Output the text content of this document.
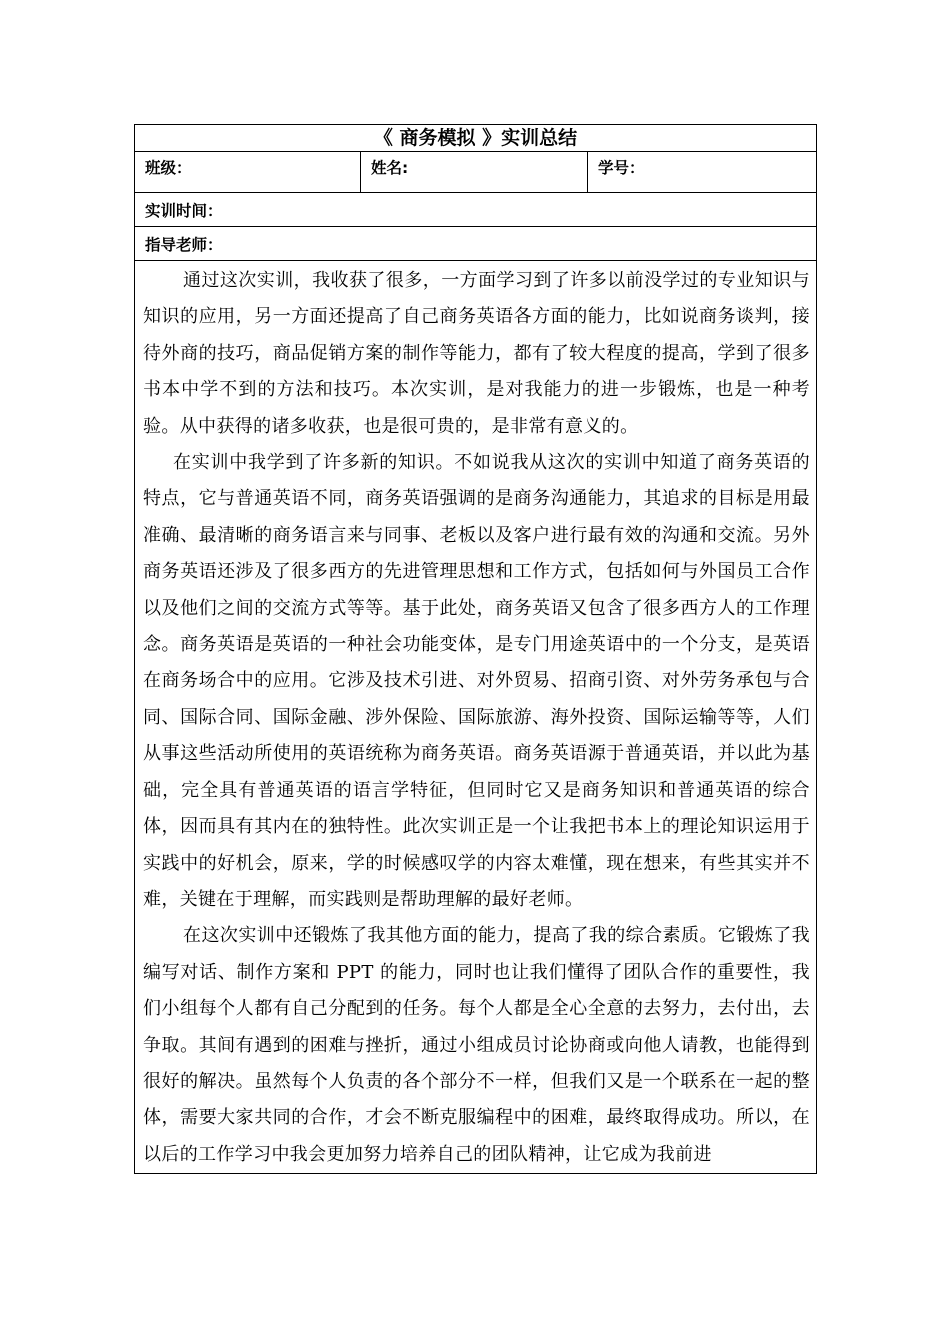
《 商务模拟 》实训总结
班级：	姓名:	学号：
实训时间：
指导老师：

通过这次实训，我收获了很多，一方面学习到了许多以前没学过的专业知识与知识的应用，另一方面还提高了自己商务英语各方面的能力，比如说商务谈判，接待外商的技巧，商品促销方案的制作等能力，都有了较大程度的提高，学到了很多书本中学不到的方法和技巧。本次实训，是对我能力的进一步锻炼，也是一种考验。从中获得的诸多收获，也是很可贵的，是非常有意义的。

在实训中我学到了许多新的知识。不如说我从这次的实训中知道了商务英语的特点，它与普通英语不同，商务英语强调的是商务沟通能力，其追求的目标是用最准确、最清晰的商务语言来与同事、老板以及客户进行最有效的沟通和交流。另外商务英语还涉及了很多西方的先进管理思想和工作方式，包括如何与外国员工合作以及他们之间的交流方式等等。基于此处，商务英语又包含了很多西方人的工作理念。商务英语是英语的一种社会功能变体，是专门用途英语中的一个分支，是英语在商务场合中的应用。它涉及技术引进、对外贸易、招商引资、对外劳务承包与合同、国际合同、国际金融、涉外保险、国际旅游、海外投资、国际运输等等，人们从事这些活动所使用的英语统称为商务英语。商务英语源于普通英语，并以此为基础，完全具有普通英语的语言学特征，但同时它又是商务知识和普通英语的综合体，因而具有其内在的独特性。此次实训正是一个让我把书本上的理论知识运用于实践中的好机会，原来，学的时候感叹学的内容太难懂，现在想来，有些其实并不难，关键在于理解，而实践则是帮助理解的最好老师。

在这次实训中还锻炼了我其他方面的能力，提高了我的综合素质。它锻炼了我编写对话、制作方案和 PPT 的能力，同时也让我们懂得了团队合作的重要性，我们小组每个人都有自己分配到的任务。每个人都是全心全意的去努力，去付出，去争取。其间有遇到的困难与挫折，通过小组成员讨论协商或向他人请教，也能得到很好的解决。虽然每个人负责的各个部分不一样，但我们又是一个联系在一起的整体，需要大家共同的合作，才会不断克服编程中的困难，最终取得成功。所以，在以后的工作学习中我会更加努力培养自己的团队精神，让它成为我前进
